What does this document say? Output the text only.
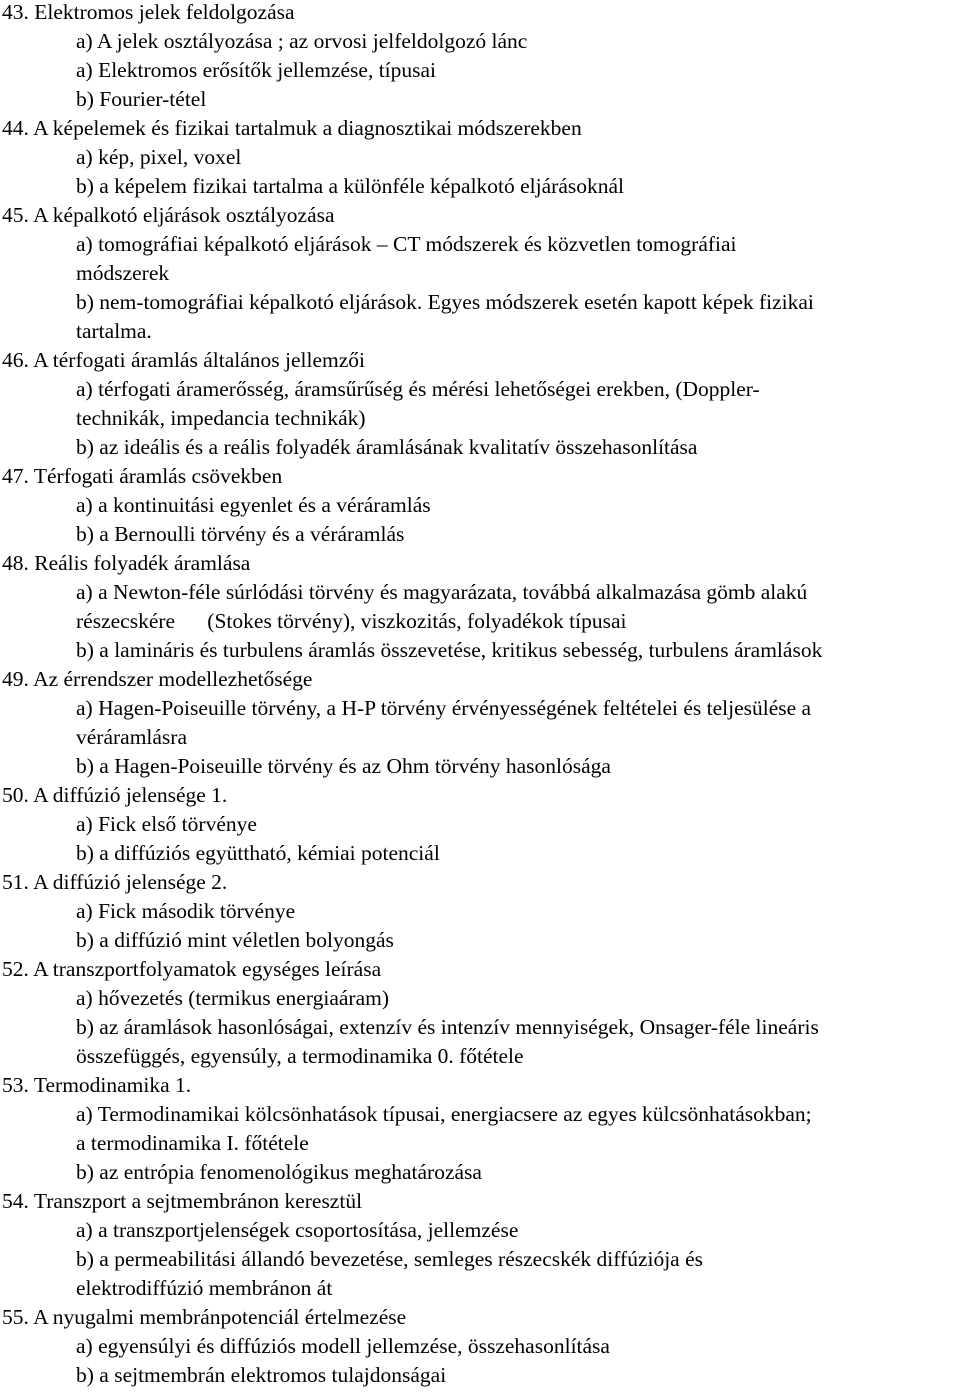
43. Elektromos jelek feldolgozása
a) A jelek osztályozása ; az orvosi jelfeldolgozó lánc
a) Elektromos erősítők jellemzése, típusai
b) Fourier-tétel
44. A képelemek és fizikai tartalmuk a diagnosztikai módszerekben
a) kép, pixel, voxel
b) a képelem fizikai tartalma a különféle képalkotó eljárásoknál
45. A képalkotó eljárások osztályozása
a) tomográfiai képalkotó eljárások – CT módszerek és közvetlen tomográfiai
módszerek
b) nem-tomográfiai képalkotó eljárások. Egyes módszerek esetén kapott képek fizikai
tartalma.
46. A térfogati áramlás általános jellemzői
a) térfogati áramerősség, áramsűrűség és mérési lehetőségei erekben, (Doppler-
technikák, impedancia technikák)
b) az ideális és a reális folyadék áramlásának kvalitatív összehasonlítása
47. Térfogati áramlás csövekben
a) a kontinuitási egyenlet és a véráramlás
b) a Bernoulli törvény és a véráramlás
48. Reális folyadék áramlása
a) a Newton-féle súrlódási törvény és magyarázata, továbbá alkalmazása gömb alakú
részecskére      (Stokes törvény), viszkozitás, folyadékok típusai
b) a lamináris és turbulens áramlás összevetése, kritikus sebesség, turbulens áramlások
49. Az érrendszer modellezhetősége
a) Hagen-Poiseuille törvény, a H-P törvény érvényességének feltételei és teljesülése a
véráramlásra
b) a Hagen-Poiseuille törvény és az Ohm törvény hasonlósága
50. A diffúzió jelensége 1.
a) Fick első törvénye
b) a diffúziós együttható, kémiai potenciál
51. A diffúzió jelensége 2.
a) Fick második törvénye
b) a diffúzió mint véletlen bolyongás
52. A transzportfolyamatok egységes leírása
a) hővezetés (termikus energiaáram)
b) az áramlások hasonlóságai, extenzív és intenzív mennyiségek, Onsager-féle lineáris
összefüggés, egyensúly, a termodinamika 0. főtétele
53. Termodinamika 1.
a) Termodinamikai kölcsönhatások típusai, energiacsere az egyes külcsönhatásokban;
a termodinamika I. főtétele
b) az entrópia fenomenológikus meghatározása
54. Transzport a sejtmembránon keresztül
a) a transzportjelenségek csoportosítása, jellemzése
b) a permeabilitási állandó bevezetése, semleges részecskék diffúziója és
elektrodiffúzió membránon át
55. A nyugalmi membránpotenciál értelmezése
a) egyensúlyi és diffúziós modell jellemzése, összehasonlítása
b) a sejtmembrán elektromos tulajdonságai
